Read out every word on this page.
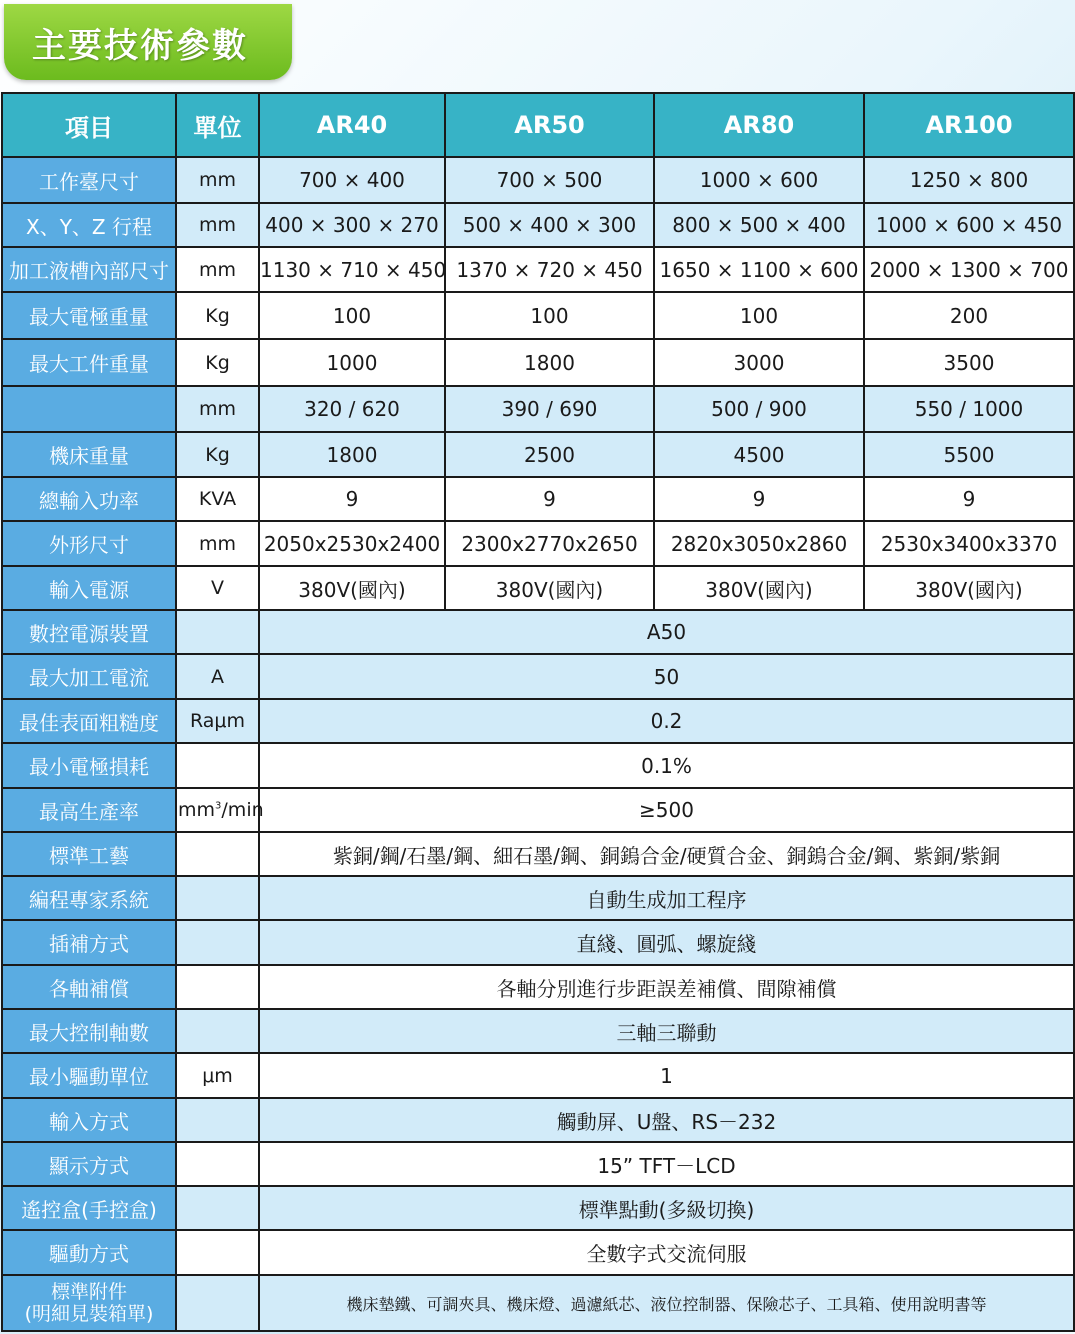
主要技術參數
項目	單位	AR40	AR50	AR80	AR100
工作臺尺寸	mm	700 × 400	700 × 500	1000 × 600	1250 × 800
X、Y、Z 行程	mm	400 × 300 × 270	500 × 400 × 300	800 × 500 × 400	1000 × 600 × 450
加工液槽內部尺寸	mm	1130 × 710 × 450	1370 × 720 × 450	1650 × 1100 × 600	2000 × 1300 × 700
最大電極重量	Kg	100	100	100	200
最大工件重量	Kg	1000	1800	3000	3500
	mm	320 / 620	390 / 690	500 / 900	550 / 1000
機床重量	Kg	1800	2500	4500	5500
總輸入功率	KVA	9	9	9	9
外形尺寸	mm	2050x2530x2400	2300x2770x2650	2820x3050x2860	2530x3400x3370
輸入電源	V	380V(國內)	380V(國內)	380V(國內)	380V(國內)
數控電源裝置		A50			
最大加工電流	A	50			
最佳表面粗糙度	Raμm	0.2			
最小電極損耗		0.1%			
最高生產率	$mm^3/\min$	≥500			
標準工藝		紫銅/鋼/石墨/鋼、細石墨/鋼、銅鎢合金/硬質合金、銅鎢合金/鋼、紫銅/紫銅			
編程專家系統		自動生成加工程序			
插補方式		直綫、圓弧、螺旋綫			
各軸補償		各軸分別進行步距誤差補償、間隙補償			
最大控制軸數		三軸三聯動			
最小驅動單位	μm	1			
輸入方式		觸動屏、U盤、RS－232			
顯示方式		15” TFT－LCD			
遙控盒(手控盒)		標準點動(多級切換)			
驅動方式		全數字式交流伺服			

標準附件
(明細見裝箱單)		機床墊鐵、可調夾具、機床燈、過濾紙芯、液位控制器、保險芯子、工具箱、使用說明書等			
